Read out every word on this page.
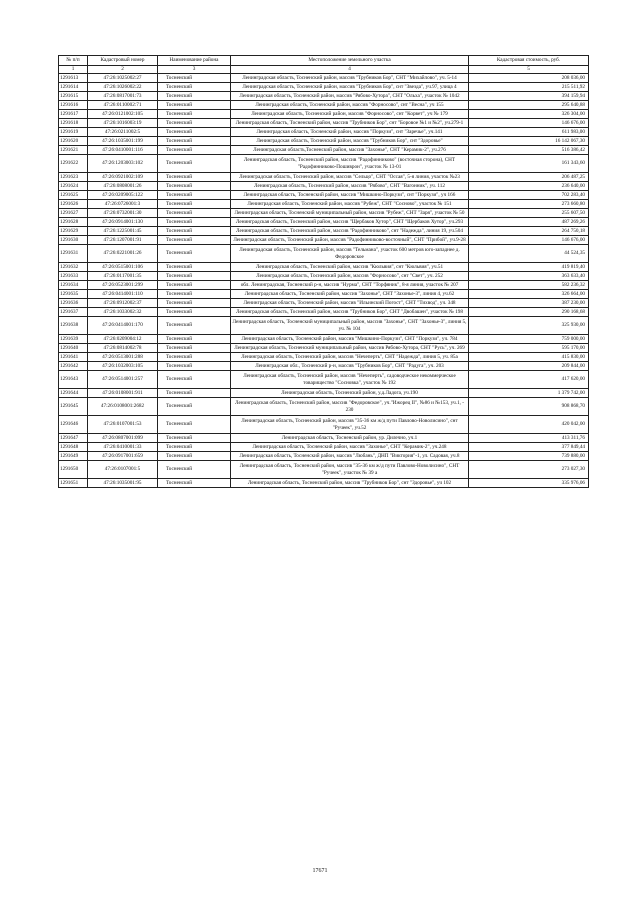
№ п/п	Кадастровый номер	Наименование района	Местоположение земельного участка	Кадастровая стоимость, руб.
1	2	3	4	5
1291613	47:26:1025002:27	Тосненский	Ленинградская область, Тосненский район, массив "Трубников Бор", СНТ "Михайлово", уч. 5-14	208 036,00
1291614	47:26:1026002:22	Тосненский	Ленинградская область, Тосненский район, массив "Трубников Бор", снт "Звезда", уч.97, улица 4	215 511,92
1291615	47:26:0817001:73	Тосненский	Ленинградская область, Тосненский район, массив "Рябово-Хутора", СНТ "Ольха", участок № 1042	394 159,94
1291616	47:26:0110002:71	Тосненский	Ленинградская область, Тосненский район, массив "Форносово", снт "Весна", уч 155	295 640,88
1291617	47:26:0121002:105	Тосненский	Ленинградская область, Тосненский район, массив "Форносово", снт "Корвет", уч № 179	326 304,00
1291618	47:26:1016003:19	Тосненский	Ленинградская область, Тосненский район, массив "Трубников Бор", снт "Боровое №1 и №2", уч.279-1	146 676,00
1291619	47:26:0211002:5	Тосненский	Ленинградская область, Тосненский район, массив "Поркузи", снт "Заречье", уч.141	611 983,00
1291620	47:26:1035001:199	Тосненский	Ленинградская область, Тосненский район, массив "Трубников Бор", снт "Здоровье"	16 142 067,30
1291621	47:26:0410001:116	Тосненский	Ленинградская область,Тосненский район, массив "Захонье", СНТ "Керамик-2", уч.276	516 386,42
1291622	47:26:1203003:102	Тосненский	Ленинградская область, Тосненский район, массив "Радофинниково" (восточная сторона), СНТ "Радофинниково-Пошиврон", участок № 13-01	161 343,60
1291623	47:26:0921002:109	Тосненский	Ленинградская область, Тосненский район, массив "Сельцо", СНТ "Оссая", 5-я линия, участок №23	206 487,25
1291624	47:26:0808001:26	Тосненский	Ленинградская область, Тосненский район, массив "Рябово", СНТ "Вагонник", уч. 112	236 640,00
1291625	47:26:0209005:122	Тосненский	Ленинградская область, Тосненский район, массив "Мишкино-Поркузи", снт "Поркузи", уч 166	702 283,40
1291626	47:26:0726001:3	Тосненский	Ленинградская область, Тосненский район, массив "Рубеж", СНТ "Сосново", участок № 151	273 660,80
1291627	47:26:0732001:30	Тосненский	Ленинградская область, Тосненский муниципальный район, массив "Рубеж", СНТ "Заря", участок № 50	255 607,50
1291628	47:26:0914001:130	Тосненский	Ленинградская область, Тосненский район, массив "Щербаков Хутор", СНТ "Щербаков Хутор", уч.293	487 269,26
1291629	47:26:1225001:45	Тосненский	Ленинградская область, Тосненский район, массив "Радофинниково", снт "Надежда", линия 19, уч.504	264 750,18
1291630	47:26:1207001:91	Тосненский	Ленинградская область, Тосненский район, массив "Радофинниково-восточный", СНТ "Прибой", уч.9-28	146 676,00
1291631	47:26:0221001:26	Тосненский	Ленинградская область, Тосненский район, массив "Тельмана", участок 600 метров юго-западнее д. Федоровское	44 524,35
1291632	47:26:0515001:106	Тосненский	Ленинградская область, Тосненский район, массив "Кюльвия", снт "Кюльвия", уч.51	419 819,40
1291633	47:26:0117001:35	Тосненский	Ленинградская область, Тосненский район, массив "Форносово", снт "Свет", уч. 252	363 633,40
1291634	47:26:0523001:299	Тосненский	обл. Ленинградская, Тосненский р-н, массив "Нурма", СНТ "Торфяник", 8-я линия, участок № 207	582 236,32
1291635	47:26:0414001:110	Тосненский	Ленинградская область, Тосненский район, массив "Захонье", СНТ "Захонье-3", линия 4, уч.62	326 664,00
1291636	47:26:0912002:37	Тосненский	Ленинградская область, Тосненский район, массив "Ильинский Погост", СНТ "Тихвод", уч. 348	387 230,00
1291637	47:26:1033002:32	Тосненский	Ленинградская область, Тосненский район, массив "Трубников Бор", СНТ "Двобашен", участок № 198	290 168,68
1291638	47:26:0414001:170	Тосненский	Ленинградская область, Тосненский муниципальный район, массив "Захонье", СНТ "Захонье-3", линия 5, уч. № 104	325 930,00
1291639	47:26:0209004:12	Тосненский	Ленинградская область, Тосненский район, массив "Мишкино-Поркузи", СНТ "Поркузи", уч. 784	759 000,00
1291640	47:26:0814002:78	Тосненский	Ленинградская область, Тосненский муниципальный район, массив Рябово-Хутора, СНТ "Русь", уч. 269	595 170,00
1291641	47:26:0513001:288	Тосненский	Ленинградская область, Тосненский район, массив "Нечеперть", СНТ "Надежда", линия 5, уч. 85а	415 830,00
1291642	47:26:1032003:105	Тосненский	Ленинградская обл., Тосненский р-н, массив "Трубников Бор", СНТ "Радуга", уч. 203	209 844,00
1291643	47:26:0514001:257	Тосненский	Ленинградская область, Тосненский район, массив "Нечеперть", садоводческое некоммерческое товарищество "Сосновка", участок № 192	417 620,00
1291644	47:26:0108001:911	Тосненский	Ленинградская область, Тосненский район, у.д.Ладога, уч.190	1 379 742,00
1291645	47:26:0108001:2682	Тосненский	Ленинградская область, Тосненский район, массив "Федоровское", уч."Ижорец II", №86 и №153, уч.1, - 230	908 868,70
1291646	47:26:0107001:53	Тосненский	Ленинградская область, Тосненский район, массив "35-36 км ж/д пути Павлово-Новолисино", снт "Ручеек", уч.52	420 042,00
1291647	47:26:0807001:099	Тосненский	Ленинградская область, Тосненский район, ур. Дилечно, уч.1	413 311,76
1291648	47:26:0410001:33	Тосненский	Ленинградская область, Тосненский район, массив "Захонье", СНТ "Керамик-2", уч.248	377 849,44
1291649	47:26:0917001:659	Тосненский	Ленинградская область, Тосненский район, массив "Любань", ДНП "Виктория"-1, ул. Садовая, уч.8	739 880,00
1291650	47:26:0107001:5	Тосненский	Ленинградская область, Тосненский район, массив "35-36 км ж/д пути Павлово-Новолисино", СНТ "Ручеек", участок № 39 а	273 027,30
1291651	47:26:1035001:95	Тосненский	Ленинградская область, Тосненский район, массив "Трубников Бор", снт "Здоровье", уч 102	335 976,06
17671
